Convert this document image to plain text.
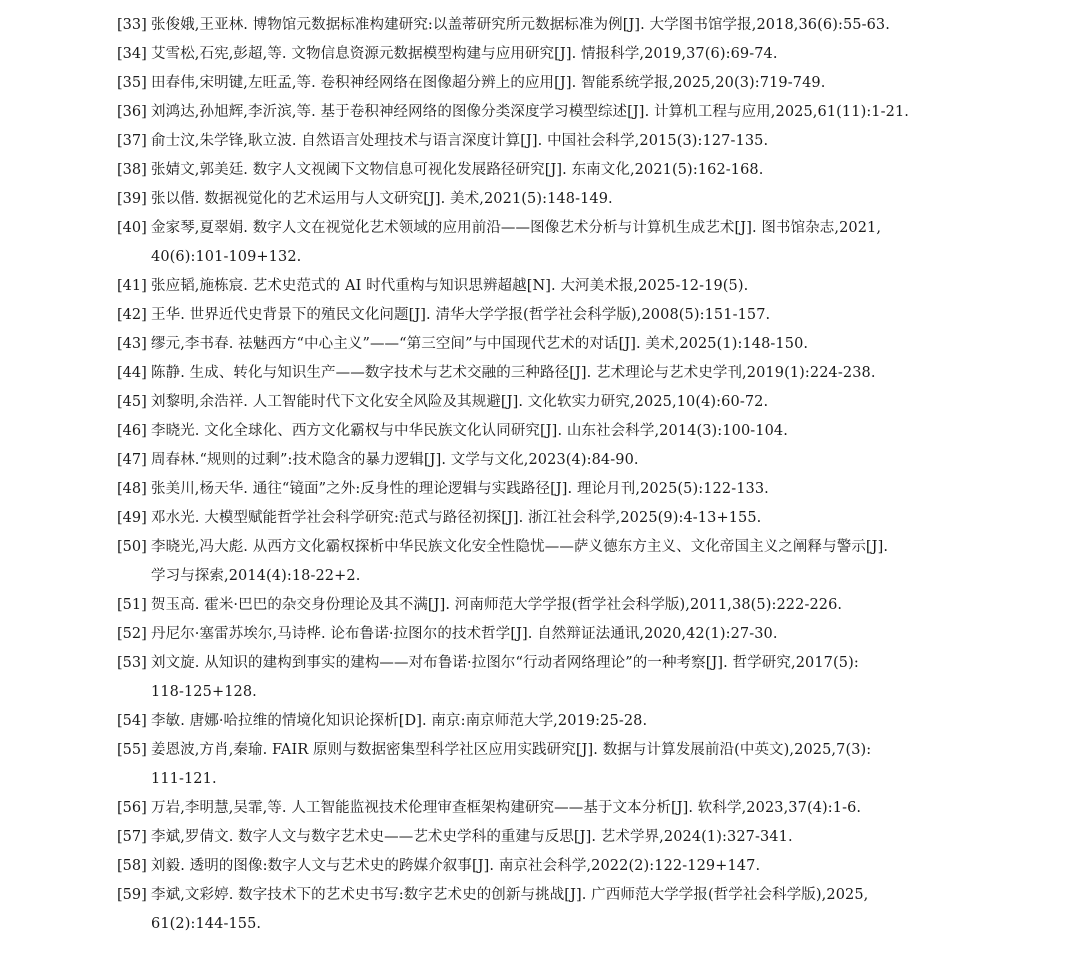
[33] 张俊娥,王亚林. 博物馆元数据标准构建研究:以盖蒂研究所元数据标准为例[J]. 大学图书馆学报,2018,36(6):55-63.
[34] 艾雪松,石宪,彭超,等. 文物信息资源元数据模型构建与应用研究[J]. 情报科学,2019,37(6):69-74.
[35] 田春伟,宋明键,左旺孟,等. 卷积神经网络在图像超分辨上的应用[J]. 智能系统学报,2025,20(3):719-749.
[36] 刘鸿达,孙旭辉,李沂滨,等. 基于卷积神经网络的图像分类深度学习模型综述[J]. 计算机工程与应用,2025,61(11):1-21.
[37] 俞士汶,朱学锋,耿立波. 自然语言处理技术与语言深度计算[J]. 中国社会科学,2015(3):127-135.
[38] 张婧文,郭美廷. 数字人文视阈下文物信息可视化发展路径研究[J]. 东南文化,2021(5):162-168.
[39] 张以偕. 数据视觉化的艺术运用与人文研究[J]. 美术,2021(5):148-149.
[40] 金家琴,夏翠娟. 数字人文在视觉化艺术领域的应用前沿——图像艺术分析与计算机生成艺术[J]. 图书馆杂志,2021,
40(6):101-109+132.
[41] 张应韬,施栋宸. 艺术史范式的 AI 时代重构与知识思辨超越[N]. 大河美术报,2025-12-19(5).
[42] 王华. 世界近代史背景下的殖民文化问题[J]. 清华大学学报(哲学社会科学版),2008(5):151-157.
[43] 缪元,李书春. 祛魅西方“中心主义”——“第三空间”与中国现代艺术的对话[J]. 美术,2025(1):148-150.
[44] 陈静. 生成、转化与知识生产——数字技术与艺术交融的三种路径[J]. 艺术理论与艺术史学刊,2019(1):224-238.
[45] 刘黎明,余浩祥. 人工智能时代下文化安全风险及其规避[J]. 文化软实力研究,2025,10(4):60-72.
[46] 李晓光. 文化全球化、西方文化霸权与中华民族文化认同研究[J]. 山东社会科学,2014(3):100-104.
[47] 周春林.“规则的过剩”:技术隐含的暴力逻辑[J]. 文学与文化,2023(4):84-90.
[48] 张美川,杨天华. 通往“镜面”之外:反身性的理论逻辑与实践路径[J]. 理论月刊,2025(5):122-133.
[49] 邓水光. 大模型赋能哲学社会科学研究:范式与路径初探[J]. 浙江社会科学,2025(9):4-13+155.
[50] 李晓光,冯大彪. 从西方文化霸权探析中华民族文化安全性隐忧——萨义德东方主义、文化帝国主义之阐释与警示[J].
学习与探索,2014(4):18-22+2.
[51] 贺玉高. 霍米·巴巴的杂交身份理论及其不满[J]. 河南师范大学学报(哲学社会科学版),2011,38(5):222-226.
[52] 丹尼尔·塞雷苏埃尔,马诗桦. 论布鲁诺·拉图尔的技术哲学[J]. 自然辩证法通讯,2020,42(1):27-30.
[53] 刘文旋. 从知识的建构到事实的建构——对布鲁诺·拉图尔“行动者网络理论”的一种考察[J]. 哲学研究,2017(5):
118-125+128.
[54] 李敏. 唐娜·哈拉维的情境化知识论探析[D]. 南京:南京师范大学,2019:25-28.
[55] 姜恩波,方肖,秦瑜. FAIR 原则与数据密集型科学社区应用实践研究[J]. 数据与计算发展前沿(中英文),2025,7(3):
111-121.
[56] 万岩,李明慧,吴霏,等. 人工智能监视技术伦理审查框架构建研究——基于文本分析[J]. 软科学,2023,37(4):1-6.
[57] 李斌,罗倩文. 数字人文与数字艺术史——艺术史学科的重建与反思[J]. 艺术学界,2024(1):327-341.
[58] 刘毅. 透明的图像:数字人文与艺术史的跨媒介叙事[J]. 南京社会科学,2022(2):122-129+147.
[59] 李斌,文彩婷. 数字技术下的艺术史书写:数字艺术史的创新与挑战[J]. 广西师范大学学报(哲学社会科学版),2025,
61(2):144-155.
